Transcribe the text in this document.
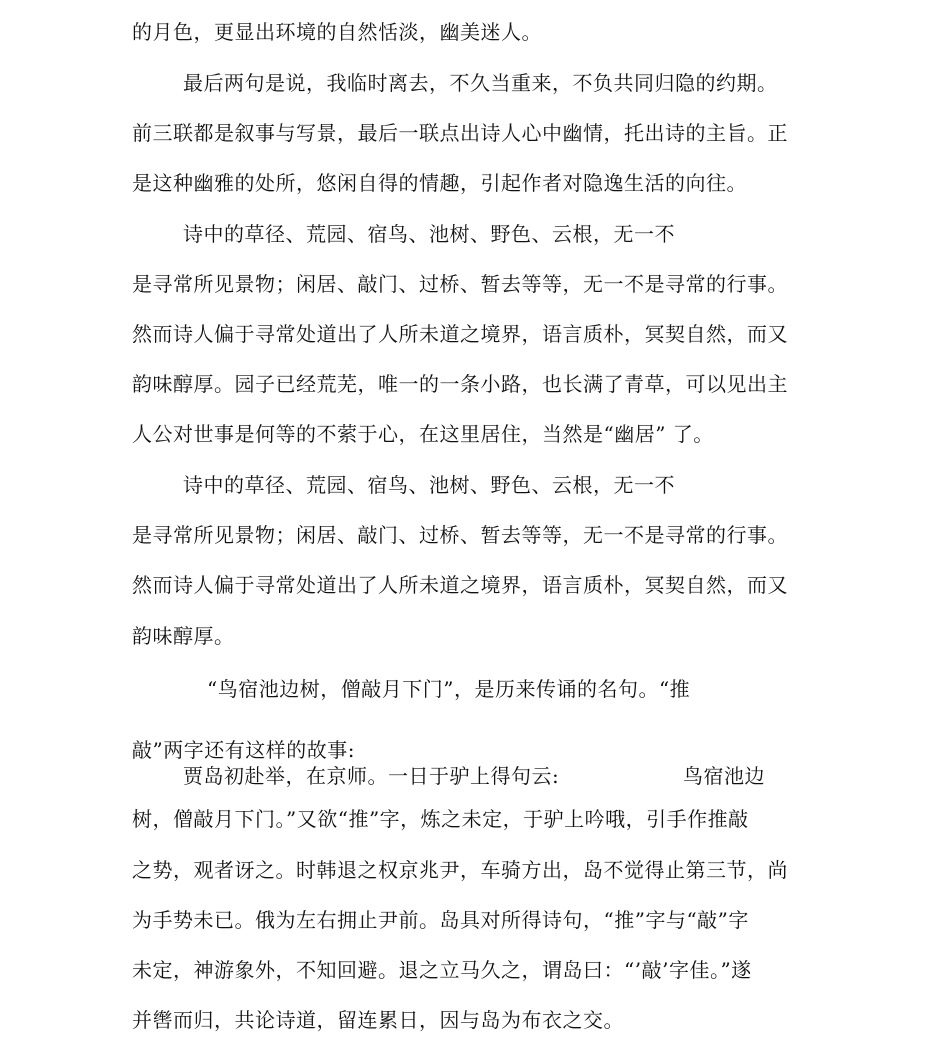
的月色，更显出环境的自然恬淡，幽美迷人。
最后两句是说，我临时离去，不久当重来，不负共同归隐的约期。
前三联都是叙事与写景，最后一联点出诗人心中幽情，托出诗的主旨。正
是这种幽雅的处所，悠闲自得的情趣，引起作者对隐逸生活的向往。
诗中的草径、荒园、宿鸟、池树、野色、云根，无一不
是寻常所见景物；闲居、敲门、过桥、暂去等等，无一不是寻常的行事。
然而诗人偏于寻常处道出了人所未道之境界，语言质朴，冥契自然，而又
韵味醇厚。园子已经荒芜，唯一的一条小路，也长满了青草，可以见出主
人公对世事是何等的不萦于心，在这里居住，当然是“幽居” 了。
诗中的草径、荒园、宿鸟、池树、野色、云根，无一不
是寻常所见景物；闲居、敲门、过桥、暂去等等，无一不是寻常的行事。
然而诗人偏于寻常处道出了人所未道之境界，语言质朴，冥契自然，而又
韵味醇厚。
“鸟宿池边树，僧敲月下门”，是历来传诵的名句。“推
敲”两字还有这样的故事:
贾岛初赴举，在京师。一日于驴上得句云:	鸟宿池边
树，僧敲月下门。”又欲“推”字，炼之未定，于驴上吟哦，引手作推敲
之势，观者讶之。时韩退之权京兆尹，车骑方出，岛不觉得止第三节，尚
为手势未已。俄为左右拥止尹前。岛具对所得诗句，“推”字与“敲”字
未定，神游象外，不知回避。退之立马久之，谓岛曰：“’敲’字佳。”遂
并辔而归，共论诗道，留连累日，因与岛为布衣之交。
